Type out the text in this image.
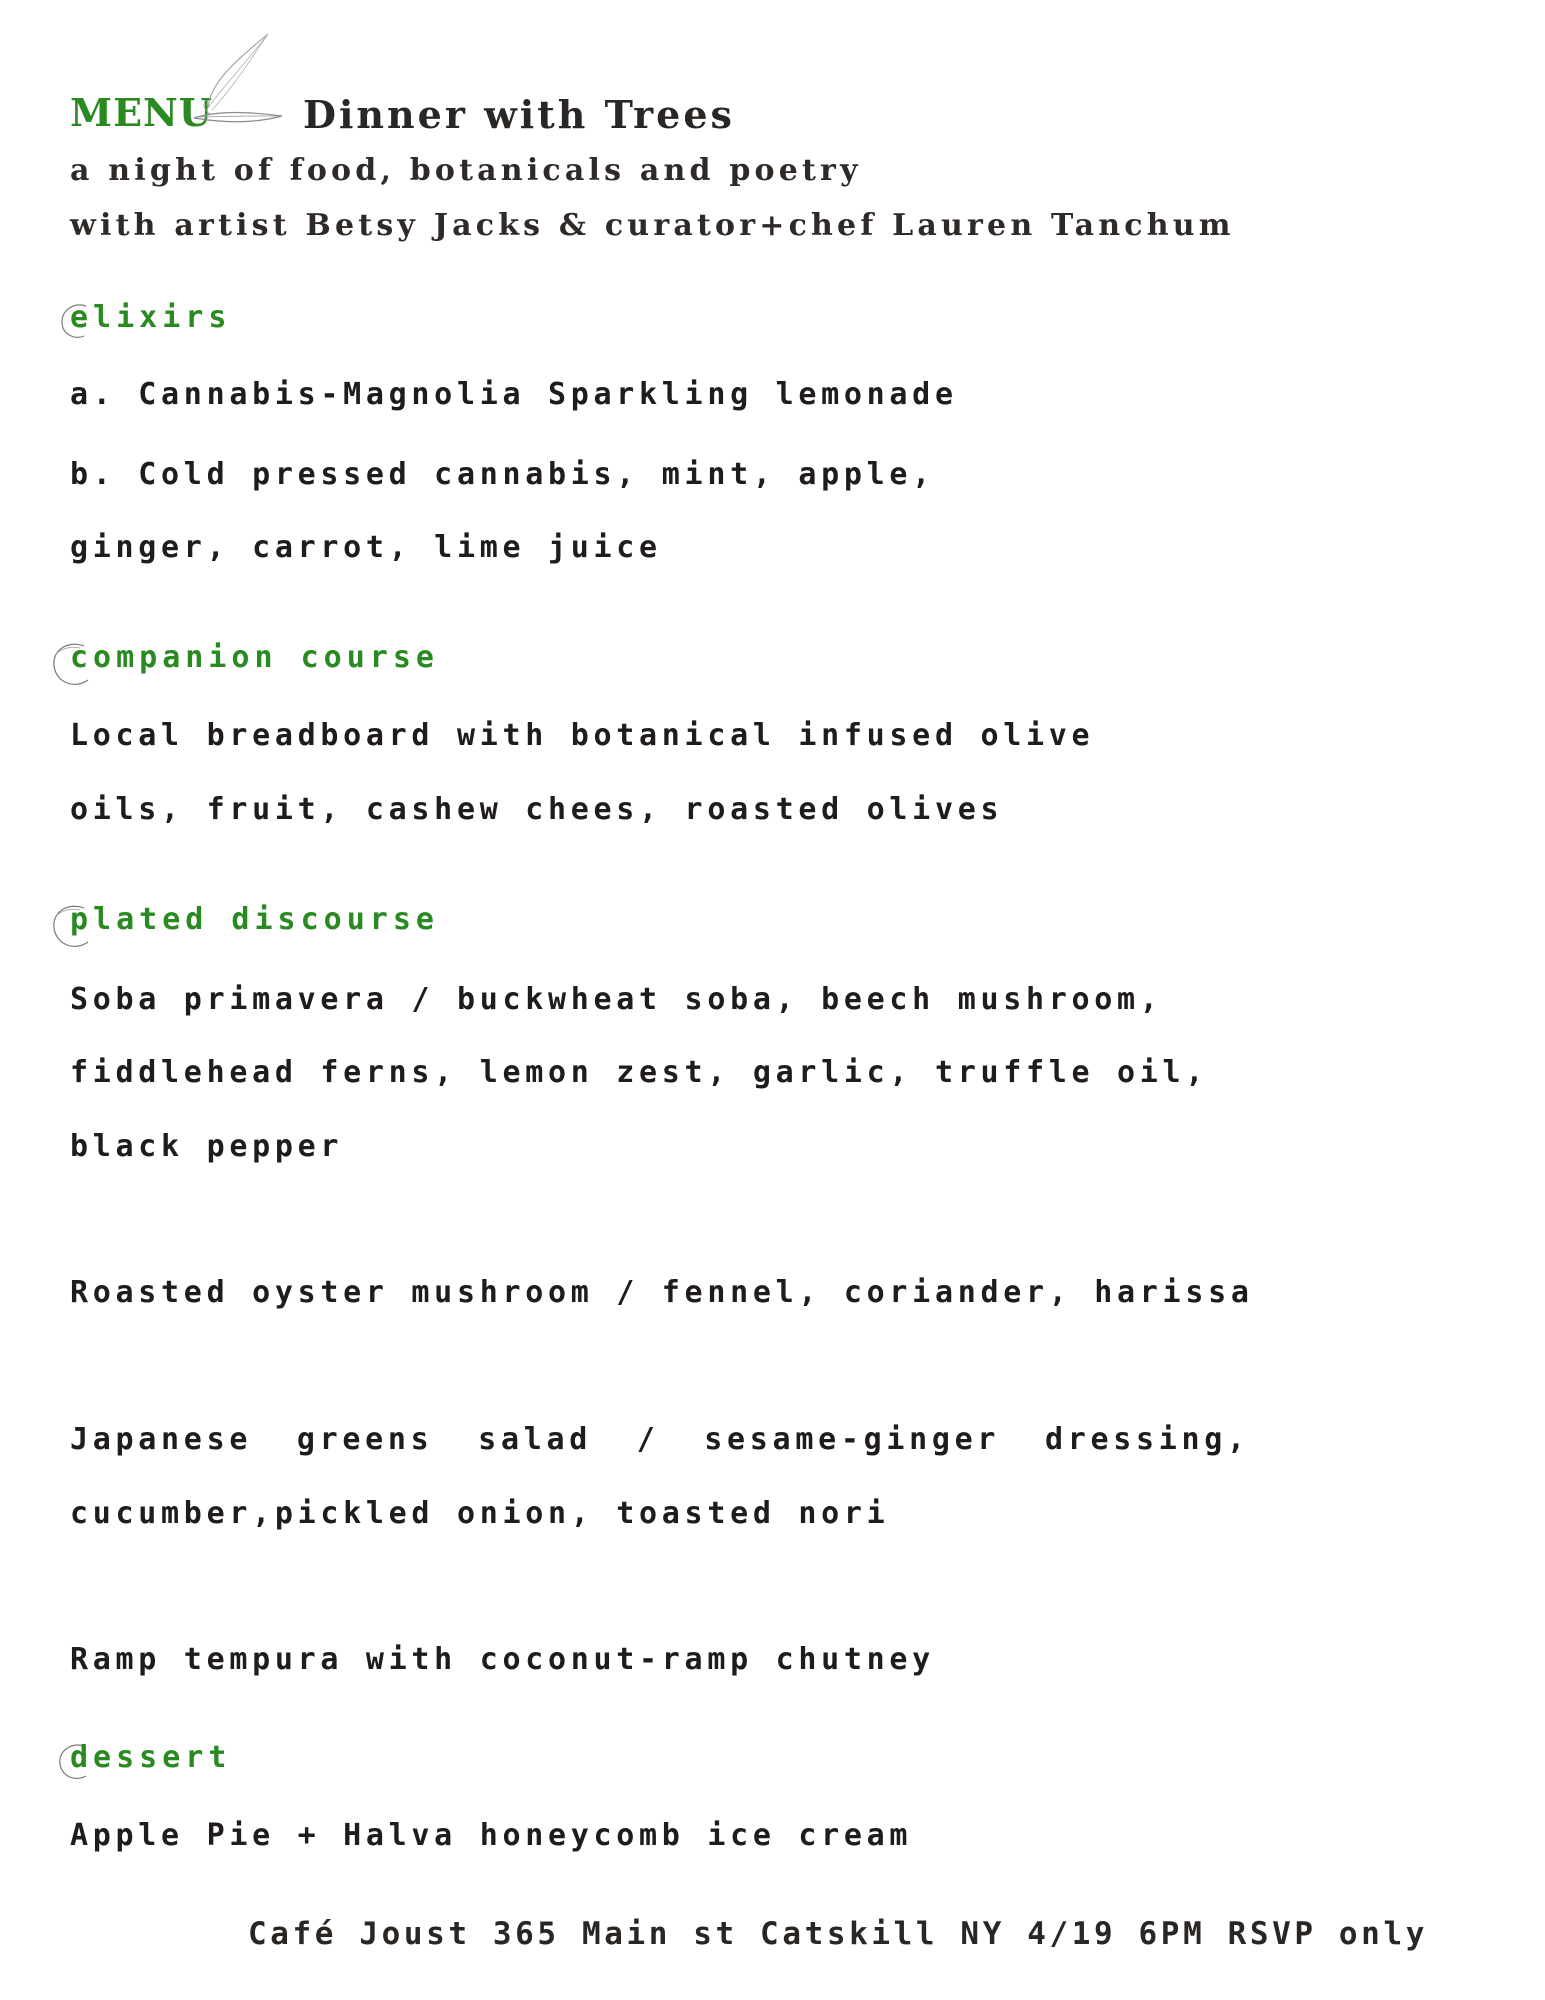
MENU Dinner with Trees
a night of food, botanicals and poetry
with artist Betsy Jacks & curator+chef Lauren Tanchum
elixirs
a. Cannabis-Magnolia Sparkling lemonade
b. Cold pressed cannabis, mint, apple,
ginger, carrot, lime juice
companion course
Local breadboard with botanical infused olive
oils, fruit, cashew chees, roasted olives
plated discourse
Soba primavera / buckwheat soba, beech mushroom,
fiddlehead ferns, lemon zest, garlic, truffle oil,
black pepper
Roasted oyster mushroom / fennel, coriander, harissa
Japanese greens salad / sesame-ginger dressing,
cucumber,pickled onion, toasted nori
Ramp tempura with coconut-ramp chutney
dessert
Apple Pie + Halva honeycomb ice cream
Café Joust 365 Main st Catskill NY 4/19 6PM RSVP only
